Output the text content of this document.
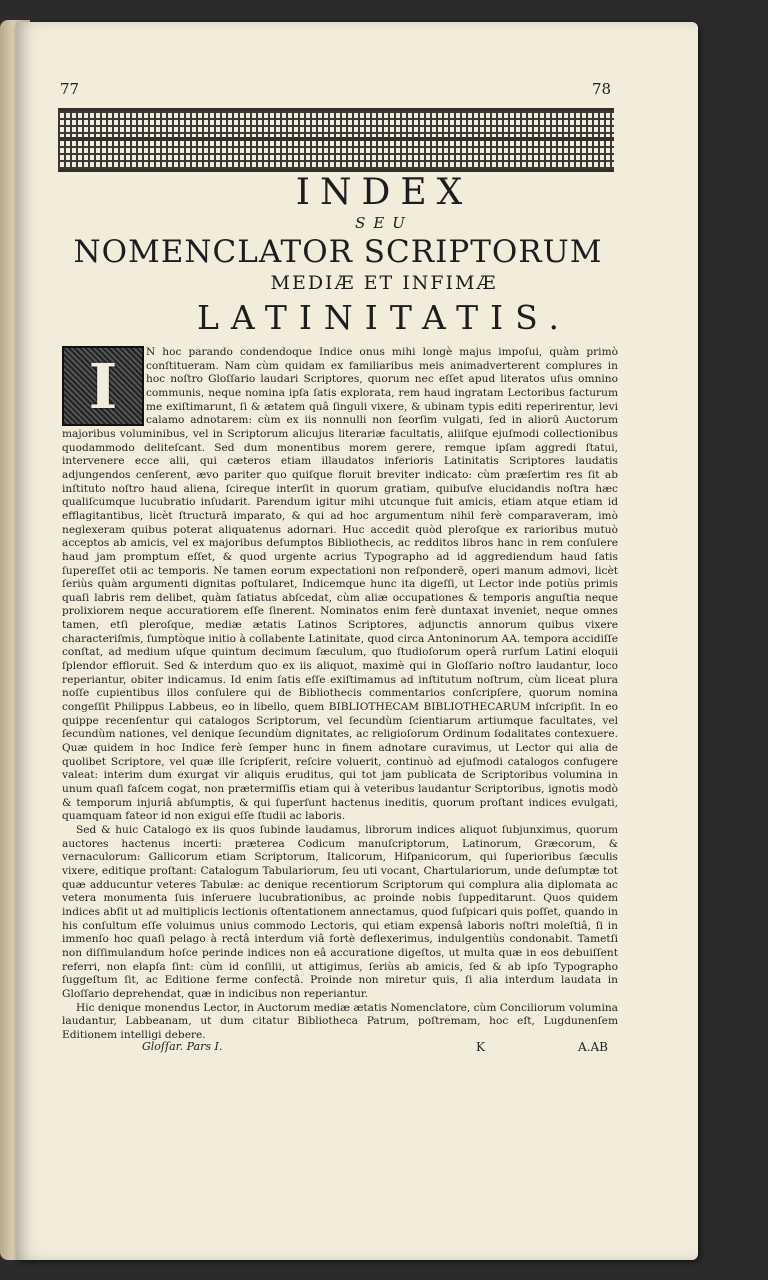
77	78
INDEX
SEU
NOMENCLATOR SCRIPTORUM
MEDIÆ ET INFIMÆ
LATINITATIS.

N hoc parando condendoque Indice onus mihi longè majus impoſui, quàm primò conſtitueram. Nam cùm quidam ex familiaribus meis animadverterent complures in hoc noſtro Gloſſario laudari Scriptores, quorum nec eſſet apud literatos uſus omnino communis, neque nomina ipſa ſatis explorata, rem haud ingratam Lectoribus facturum me exiſtimarunt, ſi & ætatem quâ ſinguli vixere, & ubinam typis editi reperirentur, levi calamo adnotarem: cùm ex iis nonnulli non ſeorſim vulgati, ſed in aliorū Auctorum majoribus voluminibus, vel in Scriptorum alicujus literariæ facultatis, aliiſque ejuſmodi collectionibus quodammodo deliteſcant. Sed dum monentibus morem gerere, remque ipſam aggredi ſtatui, intervenere ecce alii, qui cæteros etiam illaudatos inferioris Latinitatis Scriptores laudatis adjungendos cenſerent, ævo pariter quo quiſque floruit breviter indicato: cùm præſertim res ſit ab inſtituto noſtro haud aliena, ſcireque interſit in quorum gratiam, quibuſve elucidandis noſtra hæc qualiſcumque lucubratio inſudarit. Parendum igitur mihi utcunque fuit amicis, etiam atque etiam id efflagitantibus, licèt ſtructurā imparato, & qui ad hoc argumentum nihil ferè comparaveram, imò neglexeram quibus poterat aliquatenus adornari. Huc accedit quòd pleroſque ex rarioribus mutuò acceptos ab amicis, vel ex majoribus deſumptos Bibliothecis, ac redditos libros hanc in rem conſulere haud jam promptum eſſet, & quod urgente acrius Typographo ad id aggrediendum haud ſatis ſupereſſet otii ac temporis. Ne tamen eorum expectationi non reſponderē, operi manum admovi, licèt ſeriùs quàm argumenti dignitas poſtularet, Indicemque hunc ita digeſſi, ut Lector inde potiùs primis quaſi labris rem delibet, quàm ſatiatus abſcedat, cùm aliæ occupationes & temporis anguſtia neque prolixiorem neque accuratiorem eſſe ſinerent. Nominatos enim ferè duntaxat inveniet, neque omnes tamen, etſi pleroſque, mediæ ætatis Latinos Scriptores, adjunctis annorum quibus vixere characteriſmis, ſumptòque initio à collabente Latinitate, quod circa Antoninorum AA. tempora accidiſſe conſtat, ad medium uſque quintum decimum ſæculum, quo ſtudioſorum operâ rurſum Latini eloquii ſplendor effloruit. Sed & interdum quo ex iis aliquot, maximè qui in Gloſſario noſtro laudantur, loco reperiantur, obiter indicamus. Id enim ſatis eſſe exiſtimamus ad inſtitutum noſtrum, cùm liceat plura noſſe cupientibus illos conſulere qui de Bibliothecis commentarios conſcripſere, quorum nomina congeſſit Philippus Labbeus, eo in libello, quem BIBLIOTHECAM BIBLIOTHECARUM inſcripſit. In eo quippe recenſentur qui catalogos Scriptorum, vel ſecundùm ſcientiarum artiumque facultates, vel ſecundùm nationes, vel denique ſecundùm dignitates, ac religioſorum Ordinum ſodalitates contexuere. Quæ quidem in hoc Indice ferè ſemper hunc in finem adnotare curavimus, ut Lector qui alia de quolibet Scriptore, vel quæ ille ſcripſerit, reſcire voluerit, continuò ad ejuſmodi catalogos confugere valeat: interim dum exurgat vir aliquis eruditus, qui tot jam publicata de Scriptoribus volumina in unum quaſi faſcem cogat, non prætermiſſis etiam qui à veteribus laudantur Scriptoribus, ignotis modò & temporum injuriâ abſumptis, & qui ſuperſunt hactenus ineditis, quorum proſtant indices evulgati, quamquam fateor id non exigui eſſe ſtudii ac laboris.

Sed & huic Catalogo ex iis quos ſubinde laudamus, librorum indices aliquot ſubjunximus, quorum auctores hactenus incerti: præterea Codicum manuſcriptorum, Latinorum, Græcorum, & vernaculorum: Gallicorum etiam Scriptorum, Italicorum, Hiſpanicorum, qui ſuperioribus ſæculis vixere, editique proſtant: Catalogum Tabulariorum, ſeu uti vocant, Chartulariorum, unde deſumptæ tot quæ adducuntur veteres Tabulæ: ac denique recentiorum Scriptorum qui complura alia diplomata ac vetera monumenta ſuis inſeruere lucubrationibus, ac proinde nobis ſuppeditarunt. Quos quidem indices abſit ut ad multiplicis lectionis oſtentationem annectamus, quod ſuſpicari quis poſſet, quando in his conſultum eſſe voluimus unius commodo Lectoris, qui etiam expensâ laboris noſtri moleſtiâ, ſi in immenſo hoc quaſi pelago à rectâ interdum viâ fortè deflexerimus, indulgentiùs condonabit. Tametſi non diſſimulandum hoſce perinde indices non eâ accuratione digeſtos, ut multa quæ in eos debuiſſent referri, non elapſa ſint: cùm id conſilii, ut attigimus, ſeriùs ab amicis, ſed & ab ipſo Typographo ſuggeſtum ſit, ac Editione ferme confectâ. Proinde non miretur quis, ſi alia interdum laudata in Gloſſario deprehendat, quæ in indicibus non reperiantur.

Hic denique monendus Lector, in Auctorum mediæ ætatis Nomenclatore, cùm Conciliorum volumina laudantur, Labbeanam, ut dum citatur Bibliotheca Patrum, poſtremam, hoc eſt, Lugdunenſem Editionem intelligi debere.

I
Gloſſar. Pars I.	K	A.AB
